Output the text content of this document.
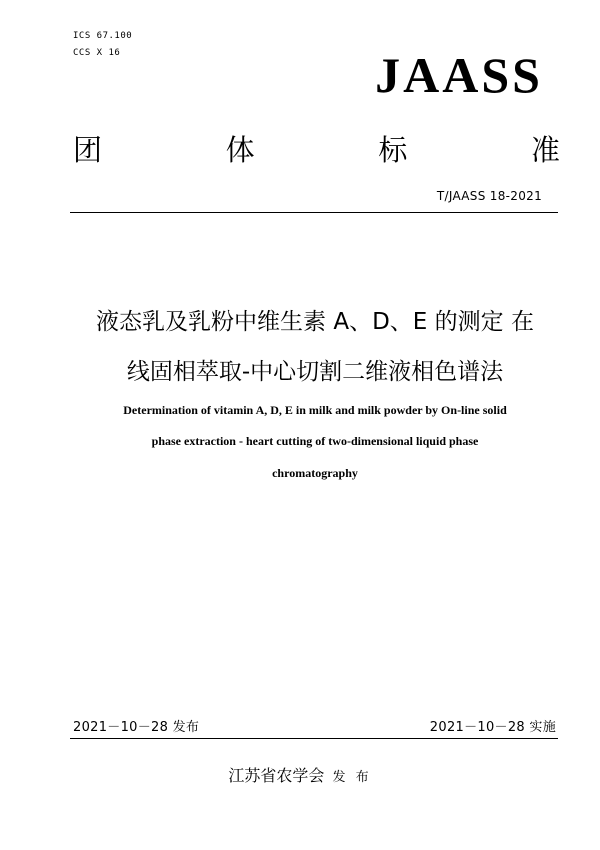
ICS 67.100
CCS X 16	JAASS
团	体	标	准
T/JAASS 18-2021
液态乳及乳粉中维生素 A、D、E 的测定 在
线固相萃取-中心切割二维液相色谱法
Determination of vitamin A, D, E in milk and milk powder by On-line solid
phase extraction - heart cutting of two-dimensional liquid phase
chromatography
2021－10－28 发布	2021－10－28 实施
江苏省农学会 发 布
